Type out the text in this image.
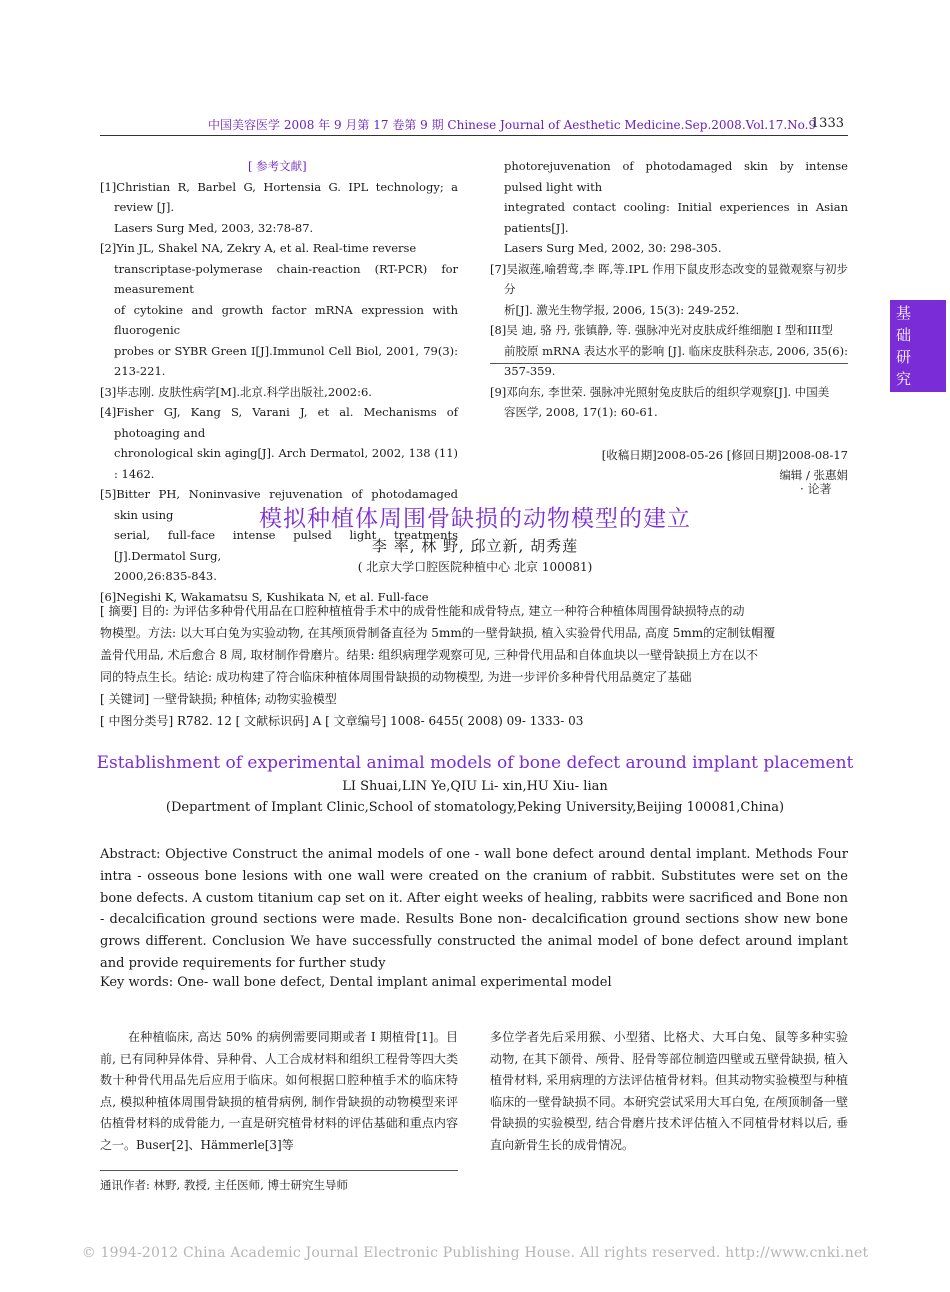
中国美容医学 2008 年 9 月第 17 卷第 9 期 Chinese Journal of Aesthetic Medicine.Sep.2008.Vol.17.No.9
1333
[ 参考文献]
[1]Christian R, Barbel G, Hortensia G. IPL technology; a review [J].
Lasers Surg Med, 2003, 32:78-87.
[2]Yin JL, Shakel NA, Zekry A, et al. Real-time reverse
transcriptase-polymerase chain-reaction (RT-PCR) for measurement
of cytokine and growth factor mRNA expression with fluorogenic
probes or SYBR Green I[J].Immunol Cell Biol, 2001, 79(3): 213-221.
[3]毕志刚. 皮肤性病学[M].北京.科学出版社,2002:6.
[4]Fisher GJ, Kang S, Varani J, et al. Mechanisms of photoaging and
chronological skin aging[J]. Arch Dermatol, 2002, 138 (11) : 1462.
[5]Bitter PH, Noninvasive rejuvenation of photodamaged skin using
serial, full-face intense pulsed light treatments [J].Dermatol Surg,
2000,26:835-843.
[6]Negishi K, Wakamatsu S, Kushikata N, et al. Full-face
photorejuvenation of photodamaged skin by intense pulsed light with
integrated contact cooling: Initial experiences in Asian patients[J].
Lasers Surg Med, 2002, 30: 298-305.
[7]吴淑莲,喻碧莺,李 晖,等.IPL 作用下鼠皮形态改变的显微观察与初步分
析[J]. 激光生物学报, 2006, 15(3): 249-252.
[8]吴 迪, 骆 丹, 张镇静, 等. 强脉冲光对皮肤成纤维细胞 I 型和III型
前胶原 mRNA 表达水平的影响 [J]. 临床皮肤科杂志, 2006, 35(6):
357-359.
[9]邓向东, 李世荣. 强脉冲光照射兔皮肤后的组织学观察[J]. 中国美
容医学, 2008, 17(1): 60-61.
[收稿日期]2008-05-26 [修回日期]2008-08-17
编辑 / 张惠娟
基
础
研
究
· 论著
模拟种植体周围骨缺损的动物模型的建立
李 率, 林 野, 邱立新, 胡秀莲
( 北京大学口腔医院种植中心 北京 100081)

[ 摘要] 目的: 为评估多种骨代用品在口腔种植植骨手术中的成骨性能和成骨特点, 建立一种符合种植体周围骨缺损特点的动

物模型。方法: 以大耳白兔为实验动物, 在其颅顶骨制备直径为 5mm的一壁骨缺损, 植入实验骨代用品, 高度 5mm的定制钛帽覆

盖骨代用品, 术后愈合 8 周, 取材制作骨磨片。结果: 组织病理学观察可见, 三种骨代用品和自体血块以一壁骨缺损上方在以不

同的特点生长。结论: 成功构建了符合临床种植体周围骨缺损的动物模型, 为进一步评价多种骨代用品奠定了基础

[ 关键词] 一壁骨缺损; 种植体; 动物实验模型

[ 中图分类号] R782. 12 [ 文献标识码] A [ 文章编号] 1008- 6455( 2008) 09- 1333- 03

Establishment of experimental animal models of bone defect around implant placement
LI Shuai,LIN Ye,QIU Li- xin,HU Xiu- lian
(Department of Implant Clinic,School of stomatology,Peking University,Beijing 100081,China)
Abstract: Objective Construct the animal models of one - wall bone defect around dental implant. Methods Four intra - osseous bone lesions with one wall were created on the cranium of rabbit. Substitutes were set on the bone defects. A custom titanium cap set on it. After eight weeks of healing, rabbits were sacrificed and Bone non - decalcification ground sections were made. Results Bone non- decalcification ground sections show new bone grows different. Conclusion We have successfully constructed the animal model of bone defect around implant and provide requirements for further study
Key words: One- wall bone defect, Dental implant animal experimental model
在种植临床, 高达 50% 的病例需要同期或者 I 期植骨[1]。目前, 已有同种异体骨、异种骨、人工合成材料和组织工程骨等四大类数十种骨代用品先后应用于临床。如何根据口腔种植手术的临床特点, 模拟种植体周围骨缺损的植骨病例, 制作骨缺损的动物模型来评估植骨材料的成骨能力, 一直是研究植骨材料的评估基础和重点内容之一。Buser[2]、Hämmerle[3]等
多位学者先后采用猴、小型猪、比格犬、大耳白兔、鼠等多种实验动物, 在其下颌骨、颅骨、胫骨等部位制造四壁或五壁骨缺损, 植入植骨材料, 采用病理的方法评估植骨材料。但其动物实验模型与种植临床的一壁骨缺损不同。本研究尝试采用大耳白兔, 在颅顶制备一壁骨缺损的实验模型, 结合骨磨片技术评估植入不同植骨材料以后, 垂直向新骨生长的成骨情况。
通讯作者: 林野, 教授, 主任医师, 博士研究生导师
© 1994-2012 China Academic Journal Electronic Publishing House. All rights reserved. http://www.cnki.net
